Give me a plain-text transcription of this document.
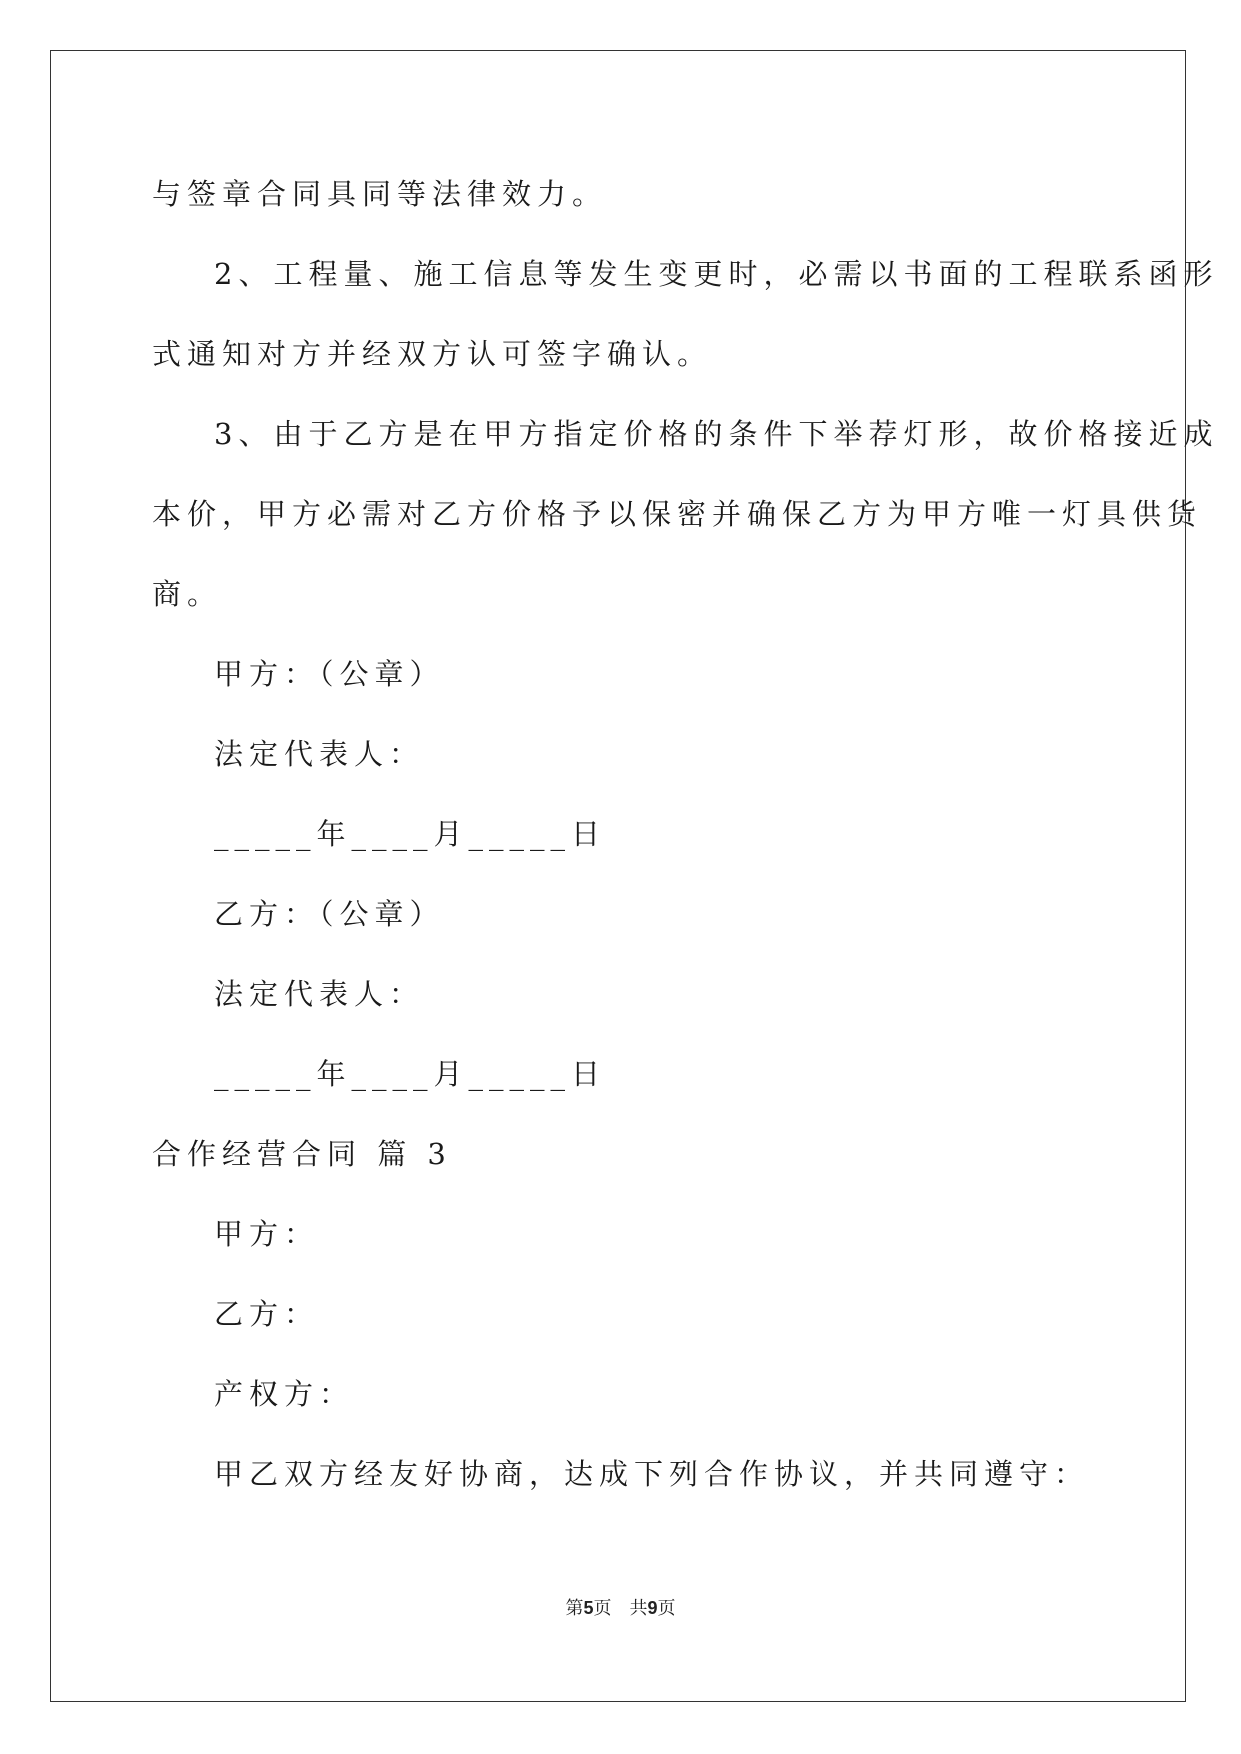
与签章合同具同等法律效力。
2、工程量、施工信息等发生变更时，必需以书面的工程联系函形
式通知对方并经双方认可签字确认。
3、由于乙方是在甲方指定价格的条件下举荐灯形，故价格接近成
本价，甲方必需对乙方价格予以保密并确保乙方为甲方唯一灯具供货
商。
甲方：（公章）
法定代表人：
_____年____月_____日
乙方：（公章）
法定代表人：
_____年____月_____日
合作经营合同 篇 3
甲方：
乙方：
产权方：
甲乙双方经友好协商，达成下列合作协议，并共同遵守：
第5页　共9页
